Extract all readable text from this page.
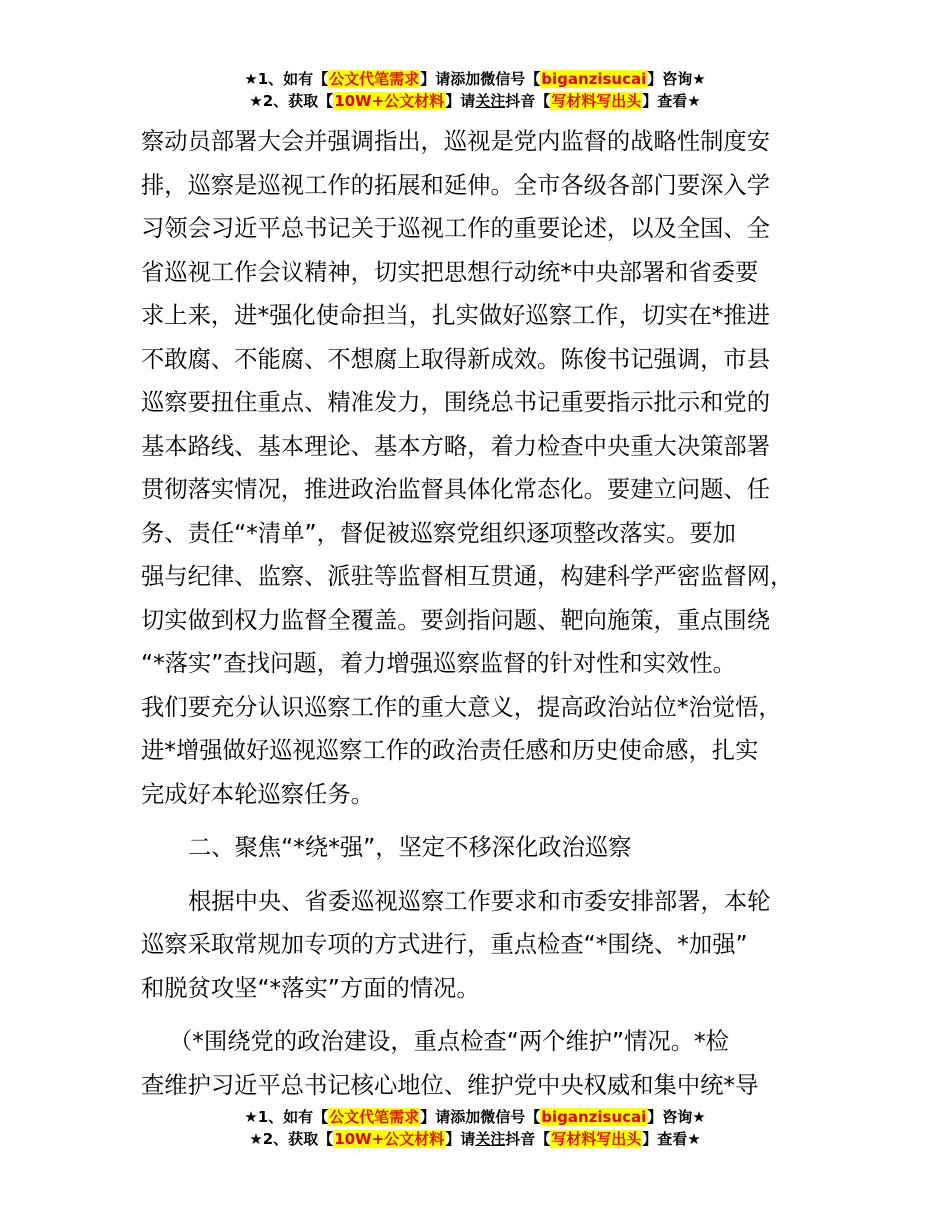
★1、如有【公文代笔需求】请添加微信号【biganzisucai】咨询★
★2、获取【10W+公文材料】请关注抖音【写材料写出头】查看★
察动员部署大会并强调指出，巡视是党内监督的战略性制度安
排，巡察是巡视工作的拓展和延伸。全市各级各部门要深入学
习领会习近平总书记关于巡视工作的重要论述，以及全国、全
省巡视工作会议精神，切实把思想行动统*中央部署和省委要
求上来，进*强化使命担当，扎实做好巡察工作，切实在*推进
不敢腐、不能腐、不想腐上取得新成效。陈俊书记强调，市县
巡察要扭住重点、精准发力，围绕总书记重要指示批示和党的
基本路线、基本理论、基本方略，着力检查中央重大决策部署
贯彻落实情况，推进政治监督具体化常态化。要建立问题、任
务、责任“*清单”，督促被巡察党组织逐项整改落实。要加
强与纪律、监察、派驻等监督相互贯通，构建科学严密监督网，
切实做到权力监督全覆盖。要剑指问题、靶向施策，重点围绕
“*落实”查找问题，着力增强巡察监督的针对性和实效性。
我们要充分认识巡察工作的重大意义，提高政治站位*治觉悟，
进*增强做好巡视巡察工作的政治责任感和历史使命感，扎实
完成好本轮巡察任务。
二、聚焦“*绕*强”，坚定不移深化政治巡察
根据中央、省委巡视巡察工作要求和市委安排部署，本轮
巡察采取常规加专项的方式进行，重点检查“*围绕、*加强”
和脱贫攻坚“*落实”方面的情况。
（*围绕党的政治建设，重点检查“两个维护”情况。*检
查维护习近平总书记核心地位、维护党中央权威和集中统*导
★1、如有【公文代笔需求】请添加微信号【biganzisucai】咨询★
★2、获取【10W+公文材料】请关注抖音【写材料写出头】查看★
